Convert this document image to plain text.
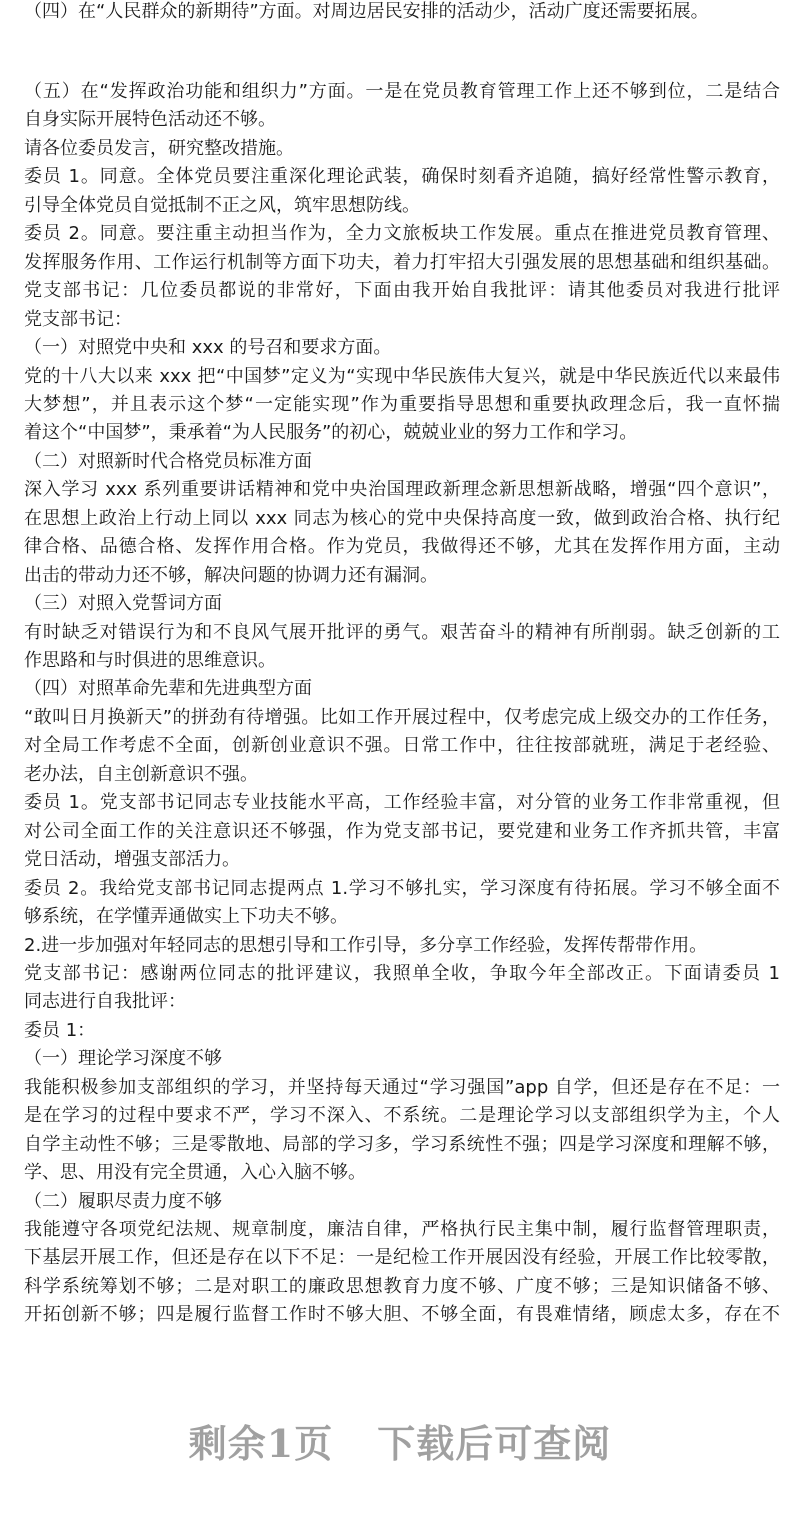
（四）在“人民群众的新期待”方面。对周边居民安排的活动少，活动广度还需要拓展。
（五）在“发挥政治功能和组织力”方面。一是在党员教育管理工作上还不够到位，二是结合
自身实际开展特色活动还不够。
请各位委员发言，研究整改措施。
委员 1。同意。全体党员要注重深化理论武装，确保时刻看齐追随，搞好经常性警示教育，
引导全体党员自觉抵制不正之风，筑牢思想防线。
委员 2。同意。要注重主动担当作为，全力文旅板块工作发展。重点在推进党员教育管理、
发挥服务作用、工作运行机制等方面下功夫，着力打牢招大引强发展的思想基础和组织基础。
党支部书记：几位委员都说的非常好，下面由我开始自我批评：请其他委员对我进行批评
党支部书记：
（一）对照党中央和 xxx 的号召和要求方面。
党的十八大以来 xxx 把“中国梦”定义为“实现中华民族伟大复兴，就是中华民族近代以来最伟
大梦想”，并且表示这个梦“一定能实现”作为重要指导思想和重要执政理念后，我一直怀揣
着这个“中国梦”，秉承着“为人民服务”的初心，兢兢业业的努力工作和学习。
（二）对照新时代合格党员标准方面
深入学习 xxx 系列重要讲话精神和党中央治国理政新理念新思想新战略，增强“四个意识”，
在思想上政治上行动上同以 xxx 同志为核心的党中央保持高度一致，做到政治合格、执行纪
律合格、品德合格、发挥作用合格。作为党员，我做得还不够，尤其在发挥作用方面，主动
出击的带动力还不够，解决问题的协调力还有漏洞。
（三）对照入党誓词方面
有时缺乏对错误行为和不良风气展开批评的勇气。艰苦奋斗的精神有所削弱。缺乏创新的工
作思路和与时俱进的思维意识。
（四）对照革命先辈和先进典型方面
“敢叫日月换新天”的拼劲有待增强。比如工作开展过程中，仅考虑完成上级交办的工作任务，
对全局工作考虑不全面，创新创业意识不强。日常工作中，往往按部就班，满足于老经验、
老办法，自主创新意识不强。
委员 1。党支部书记同志专业技能水平高，工作经验丰富，对分管的业务工作非常重视，但
对公司全面工作的关注意识还不够强，作为党支部书记，要党建和业务工作齐抓共管，丰富
党日活动，增强支部活力。
委员 2。我给党支部书记同志提两点 1.学习不够扎实，学习深度有待拓展。学习不够全面不
够系统，在学懂弄通做实上下功夫不够。
2.进一步加强对年轻同志的思想引导和工作引导，多分享工作经验，发挥传帮带作用。
党支部书记：感谢两位同志的批评建议，我照单全收，争取今年全部改正。下面请委员 1
同志进行自我批评：
委员 1：
（一）理论学习深度不够
我能积极参加支部组织的学习，并坚持每天通过“学习强国”app 自学，但还是存在不足：一
是在学习的过程中要求不严，学习不深入、不系统。二是理论学习以支部组织学为主，个人
自学主动性不够；三是零散地、局部的学习多，学习系统性不强；四是学习深度和理解不够，
学、思、用没有完全贯通，入心入脑不够。
（二）履职尽责力度不够
我能遵守各项党纪法规、规章制度，廉洁自律，严格执行民主集中制，履行监督管理职责，
下基层开展工作，但还是存在以下不足：一是纪检工作开展因没有经验，开展工作比较零散，
科学系统筹划不够；二是对职工的廉政思想教育力度不够、广度不够；三是知识储备不够、
开拓创新不够；四是履行监督工作时不够大胆、不够全面，有畏难情绪，顾虑太多，存在不
剩余1页 下载后可查阅
